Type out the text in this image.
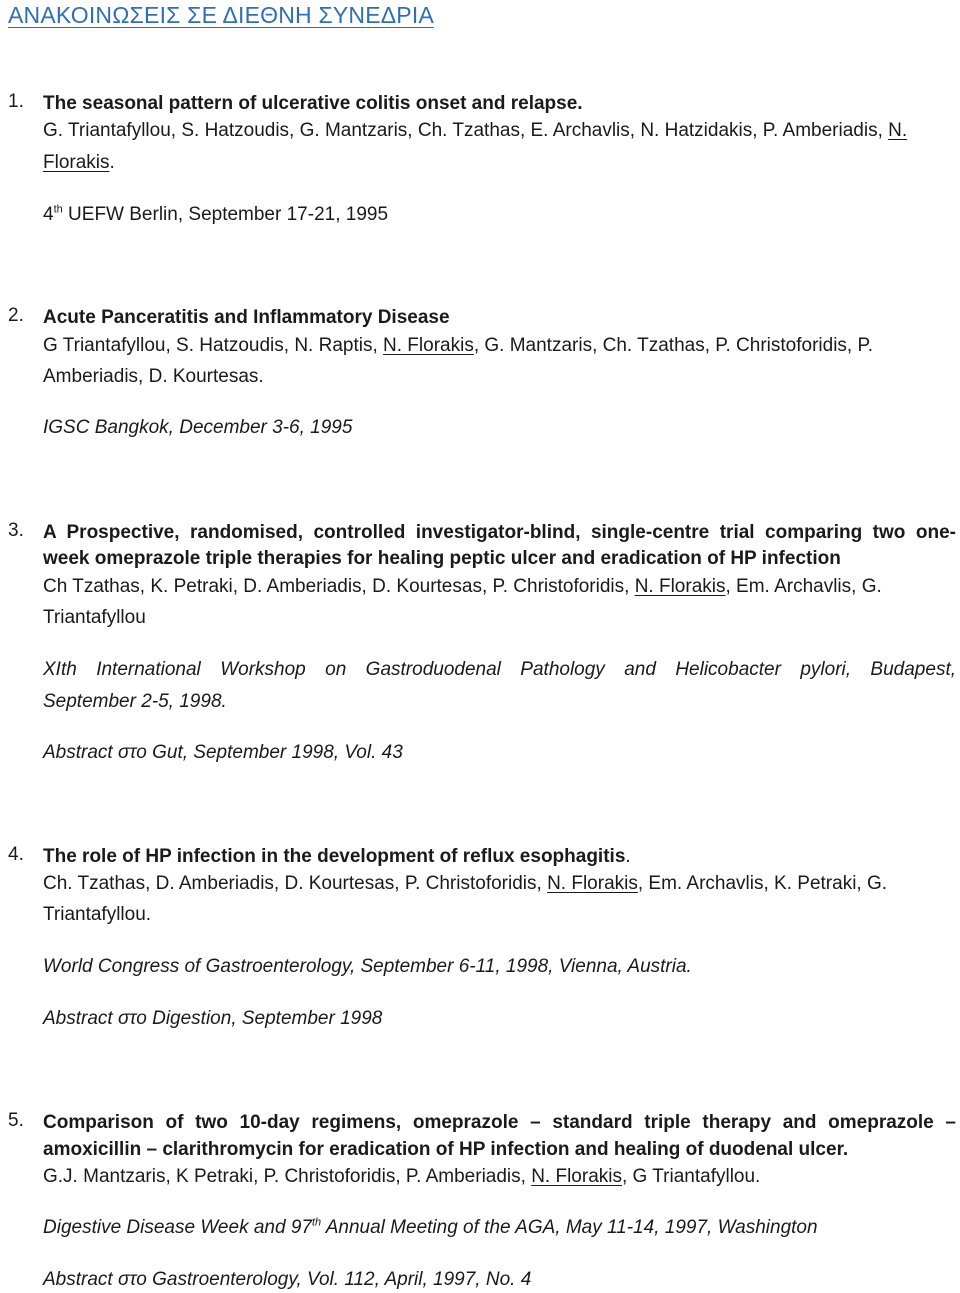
ΑΝΑΚΟΙΝΩΣΕΙΣ ΣΕ ΔΙΕΘΝΗ ΣΥΝΕΔΡΙΑ
1. The seasonal pattern of ulcerative colitis onset and relapse.
G. Triantafyllou, S. Hatzoudis, G. Mantzaris, Ch. Tzathas, E. Archavlis, N. Hatzidakis, P. Amberiadis, N.
Florakis.
4th UEFW Berlin, September 17-21, 1995
2. Acute Panceratitis and Inflammatory Disease
G Triantafyllou, S. Hatzoudis, N. Raptis, N. Florakis, G. Mantzaris, Ch. Tzathas, P. Christoforidis, P.
Amberiadis, D. Kourtesas.
IGSC Bangkok, December 3-6, 1995
3. A Prospective, randomised, controlled investigator-blind, single-centre trial comparing two one-
week omeprazole triple therapies for healing peptic ulcer and eradication of HP infection
Ch Tzathas, K. Petraki, D. Amberiadis, D. Kourtesas, P. Christoforidis, N. Florakis, Em. Archavlis, G.
Triantafyllou
XIth International Workshop on Gastroduodenal Pathology and Helicobacter pylori, Budapest,
September 2-5, 1998.
Abstract στο Gut, September 1998, Vol. 43
4. The role of HP infection in the development of reflux esophagitis.
Ch. Tzathas, D. Amberiadis, D. Kourtesas, P. Christoforidis, N. Florakis, Em. Archavlis, K. Petraki, G.
Triantafyllou.
World Congress of Gastroenterology, September 6-11, 1998, Vienna, Austria.
Abstract στο Digestion, September 1998
5. Comparison of two 10-day regimens, omeprazole – standard triple therapy and omeprazole –
amoxicillin – clarithromycin for eradication of HP infection and healing of duodenal ulcer.
G.J. Mantzaris, K Petraki, P. Christoforidis, P. Amberiadis, N. Florakis, G Triantafyllou.
Digestive Disease Week and 97th Annual Meeting of the AGA, May 11-14, 1997, Washington
Abstract στο Gastroenterology, Vol. 112, April, 1997, No. 4
